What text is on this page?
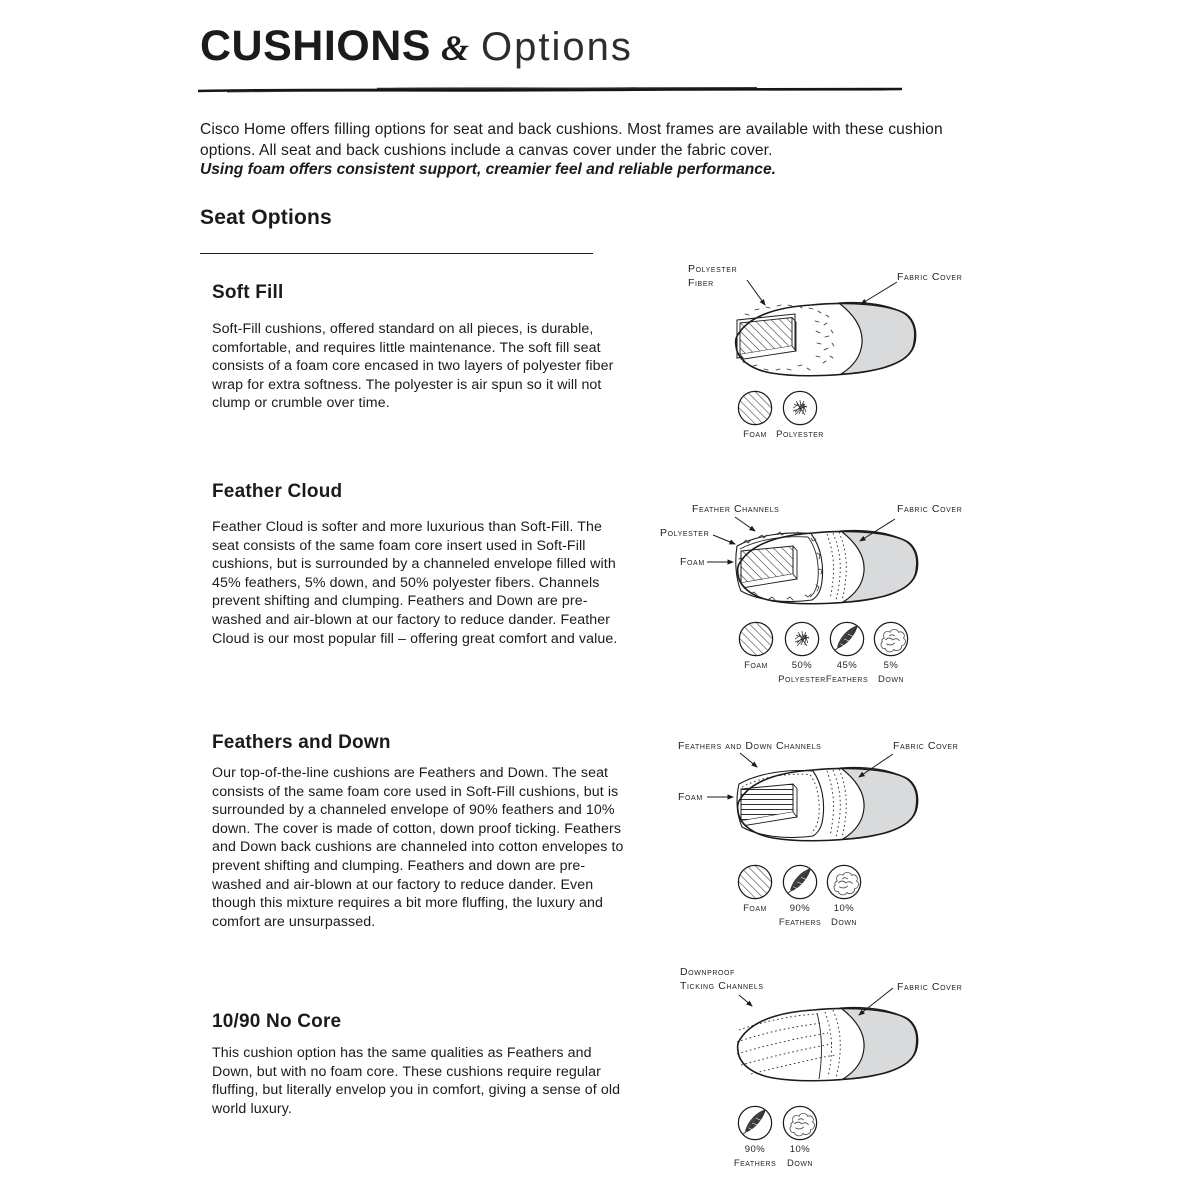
CUSHIONS & Options

Cisco Home offers filling options for seat and back cushions. Most frames are available with these cushion options. All seat and back cushions include a canvas cover under the fabric cover.

Using foam offers consistent support, creamier feel and reliable performance.

Seat Options
Soft Fill

Soft-Fill cushions, offered standard on all pieces, is durable, comfortable, and requires little maintenance. The soft fill seat consists of a foam core encased in two layers of polyester fiber wrap for extra softness. The polyester is air spun so it will not clump or crumble over time.

Polyester
Fiber	Fabric Cover
Foam Polyester
Feather Cloud

Feather Cloud is softer and more luxurious than Soft-Fill. The seat consists of the same foam core insert used in Soft-Fill cushions, but is surrounded by a channeled envelope filled with 45% feathers, 5% down, and 50% polyester fibers. Channels prevent shifting and clumping. Feathers and Down are pre-washed and air-blown at our factory to reduce dander. Feather Cloud is our most popular fill – offering great comfort and value.

Feather Channels	Fabric Cover
Polyester
Foam
Foam	50%
Polyester
45%
Feathers
5%
Down
Feathers and Down

Our top-of-the-line cushions are Feathers and Down. The seat consists of the same foam core used in Soft-Fill cushions, but is surrounded by a channeled envelope of 90% feathers and 10% down. The cover is made of cotton, down proof ticking. Feathers and Down back cushions are channeled into cotton envelopes to prevent shifting and clumping. Feathers and down are pre-washed and air-blown at our factory to reduce dander. Even though this mixture requires a bit more fluffing, the luxury and comfort are unsurpassed.

Feathers and Down Channels	Fabric Cover
Foam
Foam 90%
Feathers
10%
Down
10/90 No Core

This cushion option has the same qualities as Feathers and Down, but with no foam core. These cushions require regular fluffing, but literally envelop you in comfort, giving a sense of old world luxury.

Downproof
Ticking Channels	Fabric Cover
90%
Feathers
10%
Down
